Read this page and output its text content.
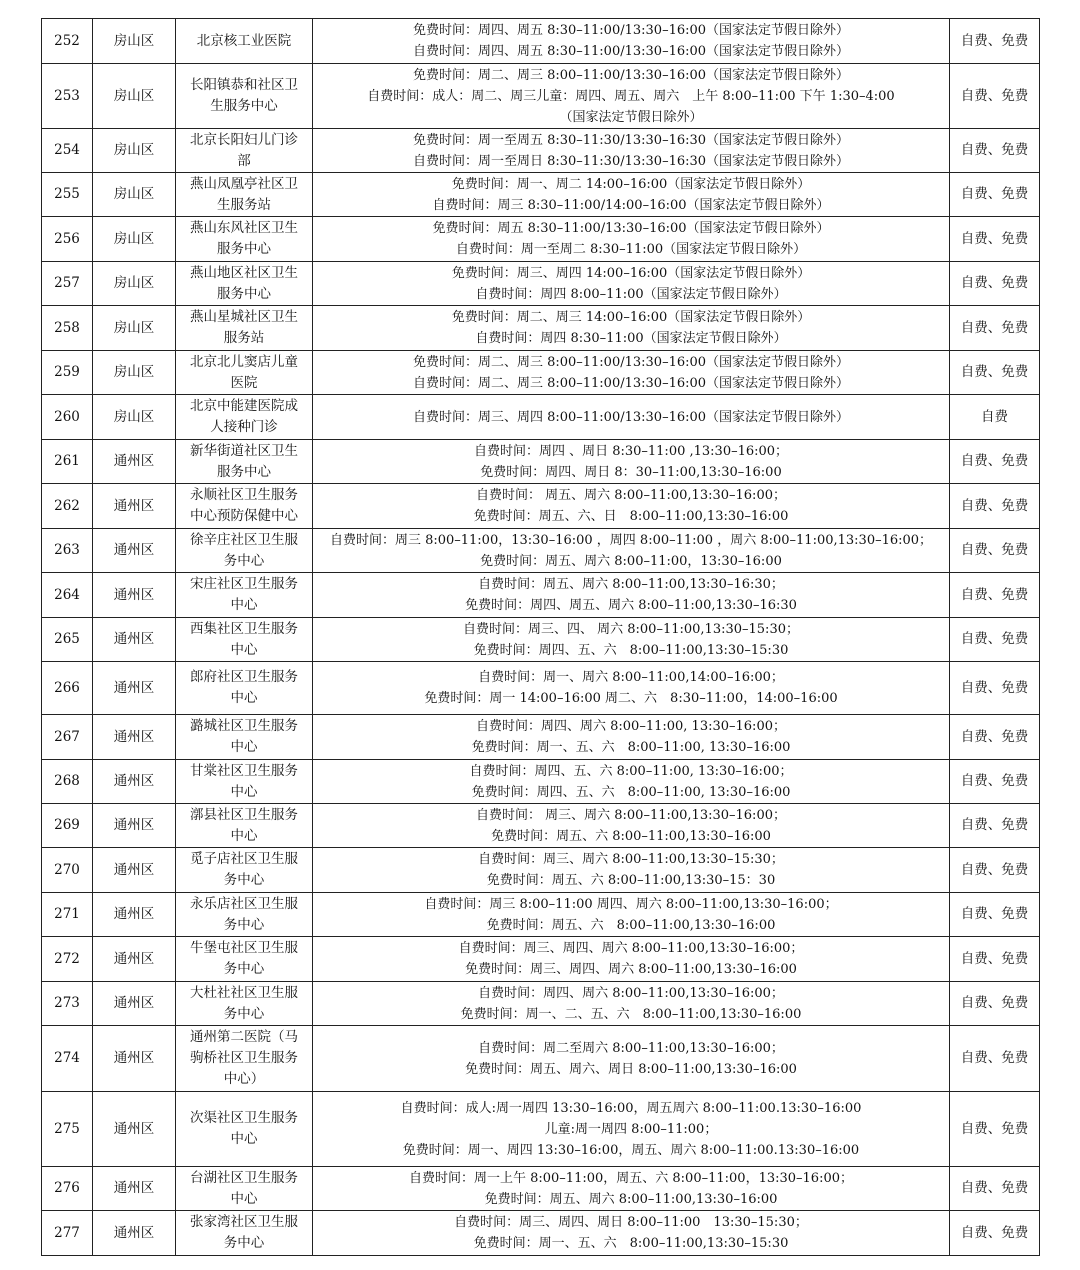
252	房山区	北京核工业医院	免费时间：周四、周五 8:30–11:00/13:30–16:00（国家法定节假日除外）
自费时间：周四、周五 8:30–11:00/13:30–16:00（国家法定节假日除外）	自费、免费
253	房山区	长阳镇恭和社区卫
生服务中心	免费时间：周二、周三 8:00–11:00/13:30–16:00（国家法定节假日除外）
自费时间：成人：周二、周三儿童：周四、周五、周六　上午 8:00–11:00 下午 1:30–4:00
（国家法定节假日除外）	自费、免费
254	房山区	北京长阳妇儿门诊
部	免费时间：周一至周五 8:30–11:30/13:30–16:30（国家法定节假日除外）
自费时间：周一至周日 8:30–11:30/13:30–16:30（国家法定节假日除外）	自费、免费
255	房山区	燕山凤凰亭社区卫
生服务站	免费时间：周一、周二 14:00–16:00（国家法定节假日除外）
自费时间：周三 8:30–11:00/14:00–16:00（国家法定节假日除外）	自费、免费
256	房山区	燕山东风社区卫生
服务中心	免费时间：周五 8:30–11:00/13:30–16:00（国家法定节假日除外）
自费时间：周一至周二 8:30–11:00（国家法定节假日除外）	自费、免费
257	房山区	燕山地区社区卫生
服务中心	免费时间：周三、周四 14:00–16:00（国家法定节假日除外）
自费时间：周四 8:00–11:00（国家法定节假日除外）	自费、免费
258	房山区	燕山星城社区卫生
服务站	免费时间：周二、周三 14:00–16:00（国家法定节假日除外）
自费时间：周四 8:30–11:00（国家法定节假日除外）	自费、免费
259	房山区	北京北儿窦店儿童
医院	免费时间：周二、周三 8:00–11:00/13:30–16:00（国家法定节假日除外）
自费时间：周二、周三 8:00–11:00/13:30–16:00（国家法定节假日除外）	自费、免费
260	房山区	北京中能建医院成
人接种门诊	自费时间：周三、周四 8:00–11:00/13:30–16:00（国家法定节假日除外）	自费
261	通州区	新华街道社区卫生
服务中心	自费时间：周四 、周日 8:30–11:00 ,13:30–16:00；
免费时间：周四、周日 8：30–11:00,13:30–16:00	自费、免费
262	通州区	永顺社区卫生服务
中心预防保健中心	自费时间： 周五、周六 8:00–11:00,13:30–16:00；
免费时间：周五、六、日　8:00–11:00,13:30–16:00	自费、免费
263	通州区	徐辛庄社区卫生服
务中心	自费时间：周三 8:00–11:00，13:30–16:00 ，周四 8:00–11:00 ，周六 8:00–11:00,13:30–16:00；
免费时间：周五、周六 8:00–11:00，13:30–16:00	自费、免费
264	通州区	宋庄社区卫生服务
中心	自费时间：周五、周六 8:00–11:00,13:30–16:30；
免费时间：周四、周五、周六 8:00–11:00,13:30–16:30	自费、免费
265	通州区	西集社区卫生服务
中心	自费时间：周三、四、 周六 8:00–11:00,13:30–15:30；
免费时间：周四、五、六　8:00–11:00,13:30–15:30	自费、免费
266	通州区	郎府社区卫生服务
中心	自费时间：周一、周六 8:00–11:00,14:00–16:00；
免费时间：周一 14:00–16:00 周二、六　8:30–11:00，14:00–16:00	自费、免费
267	通州区	潞城社区卫生服务
中心	自费时间：周四、周六 8:00–11:00, 13:30–16:00；
免费时间：周一、五、六　8:00–11:00, 13:30–16:00	自费、免费
268	通州区	甘棠社区卫生服务
中心	自费时间：周四、五、六 8:00–11:00, 13:30–16:00；
免费时间：周四、五、六　8:00–11:00, 13:30–16:00	自费、免费
269	通州区	漷县社区卫生服务
中心	自费时间： 周三、周六 8:00–11:00,13:30–16:00；
免费时间：周五、六 8:00–11:00,13:30–16:00	自费、免费
270	通州区	觅子店社区卫生服
务中心	自费时间：周三、周六 8:00–11:00,13:30–15:30；
免费时间：周五、六 8:00–11:00,13:30–15：30	自费、免费
271	通州区	永乐店社区卫生服
务中心	自费时间：周三 8:00–11:00 周四、周六 8:00–11:00,13:30–16:00；
免费时间：周五、六　8:00–11:00,13:30–16:00	自费、免费
272	通州区	牛堡屯社区卫生服
务中心	自费时间：周三、周四、周六 8:00–11:00,13:30–16:00；
免费时间：周三、周四、周六 8:00–11:00,13:30–16:00	自费、免费
273	通州区	大杜社社区卫生服
务中心	自费时间：周四、周六 8:00–11:00,13:30–16:00；
免费时间：周一、二、五、六　8:00–11:00,13:30–16:00	自费、免费
274	通州区	通州第二医院（马
驹桥社区卫生服务
中心）	自费时间：周二至周六 8:00–11:00,13:30–16:00；
免费时间：周五、周六、周日 8:00–11:00,13:30–16:00	自费、免费
275	通州区	次渠社区卫生服务
中心	自费时间：成人:周一周四 13:30–16:00，周五周六 8:00–11:00.13:30–16:00
儿童:周一周四 8:00–11:00；
免费时间：周一、周四 13:30–16:00，周五、周六 8:00–11:00.13:30–16:00	自费、免费
276	通州区	台湖社区卫生服务
中心	自费时间：周一上午 8:00–11:00，周五、六 8:00–11:00，13:30–16:00；
免费时间：周五、周六 8:00–11:00,13:30–16:00	自费、免费
277	通州区	张家湾社区卫生服
务中心	自费时间：周三、周四、周日 8:00–11:00　13:30–15:30；
免费时间：周一、五、六　8:00–11:00,13:30–15:30	自费、免费
